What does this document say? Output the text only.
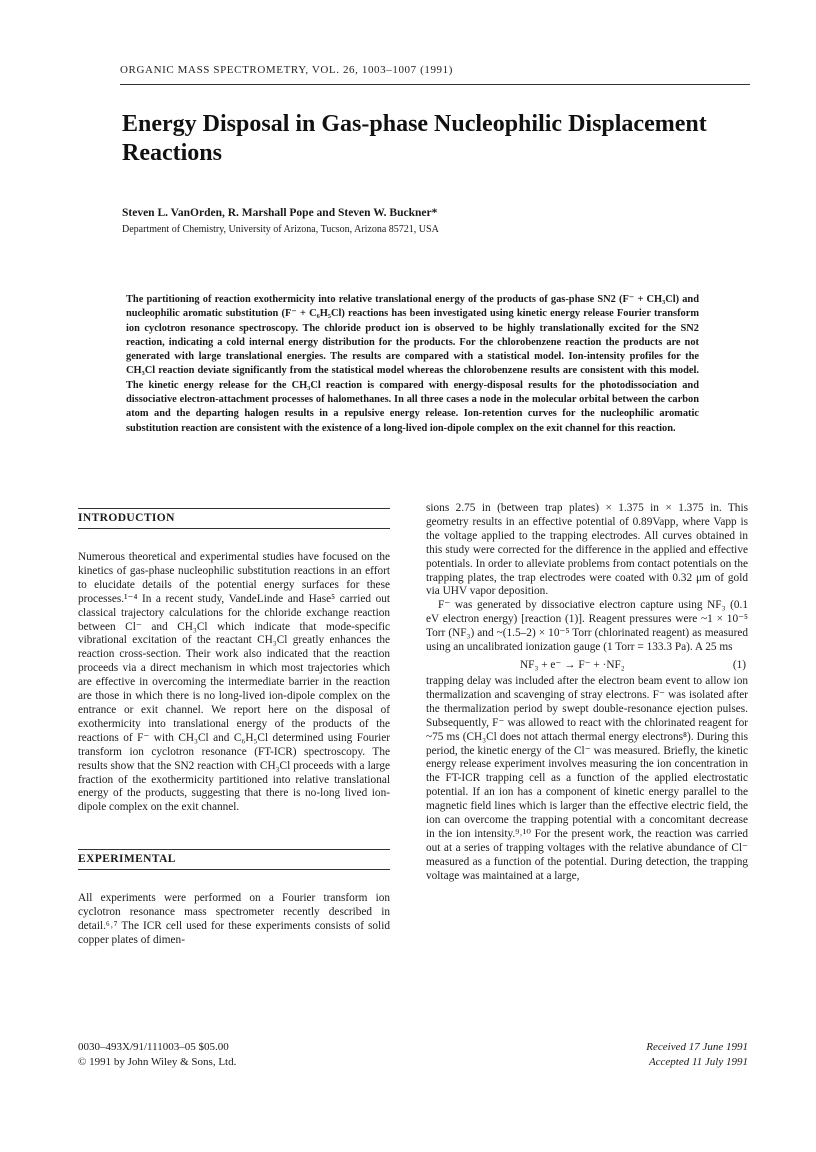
ORGANIC MASS SPECTROMETRY, VOL. 26, 1003–1007 (1991)
Energy Disposal in Gas-phase Nucleophilic Displacement Reactions
Steven L. VanOrden, R. Marshall Pope and Steven W. Buckner*
Department of Chemistry, University of Arizona, Tucson, Arizona 85721, USA

The partitioning of reaction exothermicity into relative translational energy of the products of gas-phase SN2 (F⁻ + CH₃Cl) and nucleophilic aromatic substitution (F⁻ + C₆H₅Cl) reactions has been investigated using kinetic energy release Fourier transform ion cyclotron resonance spectroscopy. The chloride product ion is observed to be highly translationally excited for the SN2 reaction, indicating a cold internal energy distribution for the products. For the chlorobenzene reaction the products are not generated with large translational energies. The results are compared with a statistical model. Ion-intensity profiles for the CH₃Cl reaction deviate significantly from the statistical model whereas the chlorobenzene results are consistent with this model. The kinetic energy release for the CH₃Cl reaction is compared with energy-disposal results for the photodissociation and dissociative electron-attachment processes of halomethanes. In all three cases a node in the molecular orbital between the carbon atom and the departing halogen results in a repulsive energy release. Ion-retention curves for the nucleophilic aromatic substitution reaction are consistent with the existence of a long-lived ion-dipole complex on the exit channel for this reaction.

INTRODUCTION

Numerous theoretical and experimental studies have focused on the kinetics of gas-phase nucleophilic substitution reactions in an effort to elucidate details of the potential energy surfaces for these processes.¹⁻⁴ In a recent study, VandeLinde and Hase⁵ carried out classical trajectory calculations for the chloride exchange reaction between Cl⁻ and CH₃Cl which indicate that mode-specific vibrational excitation of the reactant CH₃Cl greatly enhances the reaction cross-section. Their work also indicated that the reaction proceeds via a direct mechanism in which most trajectories which are effective in overcoming the intermediate barrier in the reaction are those in which there is no long-lived ion-dipole complex on the entrance or exit channel. We report here on the disposal of exothermicity into translational energy of the products of the reactions of F⁻ with CH₃Cl and C₆H₅Cl determined using Fourier transform ion cyclotron resonance (FT-ICR) spectroscopy. The results show that the SN2 reaction with CH₃Cl proceeds with a large fraction of the exothermicity partitioned into relative translational energy of the products, suggesting that there is no-long lived ion-dipole complex on the exit channel.

EXPERIMENTAL

All experiments were performed on a Fourier transform ion cyclotron resonance mass spectrometer recently described in detail.⁶˒⁷ The ICR cell used for these experiments consists of solid copper plates of dimen-

sions 2.75 in (between trap plates) × 1.375 in × 1.375 in. This geometry results in an effective potential of 0.89Vapp, where Vapp is the voltage applied to the trapping electrodes. All curves obtained in this study were corrected for the difference in the applied and effective potentials. In order to alleviate problems from contact potentials on the trapping plates, the trap electrodes were coated with 0.32 μm of gold via UHV vapor deposition.

F⁻ was generated by dissociative electron capture using NF₃ (0.1 eV electron energy) [reaction (1)]. Reagent pressures were ~1 × 10⁻⁵ Torr (NF₃) and ~(1.5–2) × 10⁻⁵ Torr (chlorinated reagent) as measured using an uncalibrated ionization gauge (1 Torr = 133.3 Pa). A 25 ms

NF₃ + e⁻ → F⁻ + ·NF₂	(1)

trapping delay was included after the electron beam event to allow ion thermalization and scavenging of stray electrons. F⁻ was isolated after the thermalization period by swept double-resonance ejection pulses. Subsequently, F⁻ was allowed to react with the chlorinated reagent for ~75 ms (CH₃Cl does not attach thermal energy electrons⁸). During this period, the kinetic energy of the Cl⁻ was measured. Briefly, the kinetic energy release experiment involves measuring the ion concentration in the FT-ICR trapping cell as a function of the applied electrostatic potential. If an ion has a component of kinetic energy parallel to the magnetic field lines which is larger than the effective electric field, the ion can overcome the trapping potential with a concomitant decrease in the ion intensity.⁹˒¹⁰ For the present work, the reaction was carried out at a series of trapping voltages with the relative abundance of Cl⁻ measured as a function of the potential. During detection, the trapping voltage was maintained at a large,

0030–493X/91/111003–05 $05.00
© 1991 by John Wiley & Sons, Ltd.
Received 17 June 1991
Accepted 11 July 1991
